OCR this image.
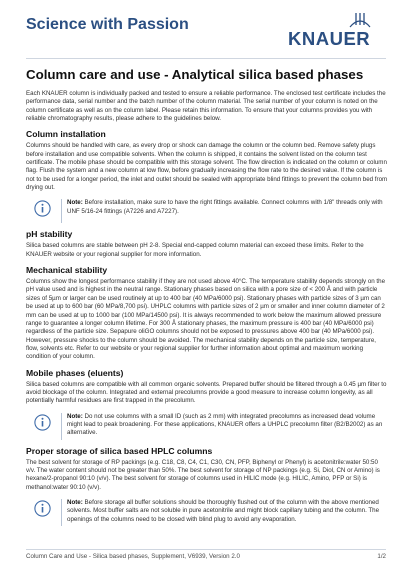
Science with Passion
KNAUER
Column care and use - Analytical silica based phases

Each KNAUER column is individually packed and tested to ensure a reliable performance. The enclosed test certificate includes the performance data, serial number and the batch number of the column material. The serial number of your column is noted on the column certificate as well as on the column label. Please retain this information. To ensure that your columns provides you with reliable chromatography results, please adhere to the guidelines below.

Column installation

Columns should be handled with care, as every drop or shock can damage the column or the column bed. Remove safety plugs before installation and use compatible solvents. When the column is shipped, it contains the solvent listed on the column test certificate. The mobile phase should be compatible with this storage solvent. The flow direction is indicated on the column or column flag. Flush the system and a new column at low flow, before gradually increasing the flow rate to the desired value. If the column is not to be used for a longer period, the inlet and outlet should be sealed with appropriate blind fittings to prevent the column bed from drying out.

Note: Before installation, make sure to have the right fittings available. Connect columns with 1/8" threads only with UNF 5/16-24 fittings (A7226 and A7227).

pH stability

Silica based columns are stable between pH 2-8. Special end-capped column material can exceed these limits. Refer to the KNAUER website or your regional supplier for more information.

Mechanical stability

Columns show the longest performance stability if they are not used above 40°C. The temperature stability depends strongly on the pH value used and is highest in the neutral range. Stationary phases based on silica with a pore size of < 200 Å and with particle sizes of 5µm or larger can be used routinely at up to 400 bar (40 MPa/6000 psi). Stationary phases with particle sizes of 3 µm can be used at up to 600 bar (60 MPa/8,700 psi). UHPLC columns with particle sizes of 2 µm or smaller and inner column diameter of 2 mm can be used at up to 1000 bar (100 MPa/14500 psi). It is always recommended to work below the maximum allowed pressure range to guarantee a longer column lifetime. For 300 Å stationary phases, the maximum pressure is 400 bar (40 MPa/6000 psi) regardless of the particle size. Sepapure oliGO columns should not be exposed to pressures above 400 bar (40 MPa/6000 psi). However, pressure shocks to the column should be avoided. The mechanical stability depends on the particle size, temperature, flow, solvents etc. Refer to our website or your regional supplier for further information about optimal and maximum working condition of your column.

Mobile phases (eluents)

Silica based columns are compatible with all common organic solvents. Prepared buffer should be filtered through a 0.45 µm filter to avoid blockage of the column. Integrated and external precolumns provide a good measure to increase column longevity, as all potentially harmful residues are first trapped in the precolumn.

Note: Do not use columns with a small ID (such as 2 mm) with integrated precolumns as increased dead volume might lead to peak broadening. For these applications, KNAUER offers a UHPLC precolumn filter (B2/B2002) as an alternative.

Proper storage of silica based HPLC columns

The best solvent for storage of RP packings (e.g. C18, C8, C4, C1, C30, CN, PFP, Biphenyl or Phenyl) is acetonitrile:water 50:50 v/v. The water content should not be greater than 50%. The best solvent for storage of NP packings (e.g. Si, Diol, CN or Amino) is hexane/2-propanol 90:10 (v/v). The best solvent for storage of columns used in HILIC mode (e.g. HILIC, Amino, PFP or Si) is methanol:water 90:10 (v/v).

Note: Before storage all buffer solutions should be thoroughly flushed out of the column with the above mentioned solvents. Most buffer salts are not soluble in pure acetonitrile and might block capillary tubing and the column. The openings of the columns need to be closed with blind plug to avoid any evaporation.

Column Care and Use - Silica based phases, Supplement, V6939, Version 2.0	1/2
